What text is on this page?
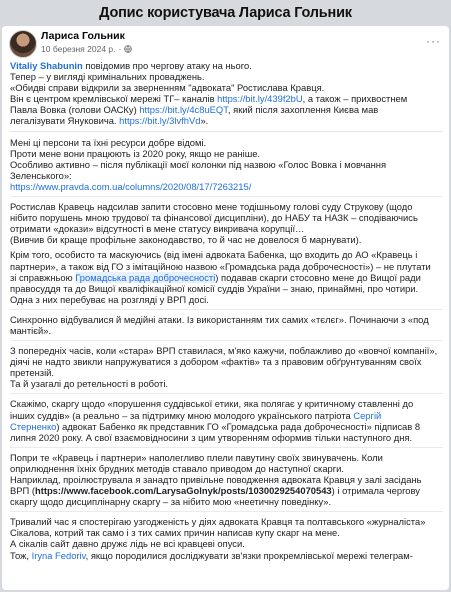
Допис користувача Лариса Гольник
Лариса Гольник
10 березня 2024 р. ·
···

Vitaliy Shabunin повідомив про чергову атаку на нього.
Тепер – у вигляді кримінальних проваджень.
«Обидві справи відкрили за зверненням "адвоката" Ростислава Кравця.
Він є центром кремлівської мережі ТГ– каналів https://bit.ly/439f2bU, а також – прихвостнем
Павла Вовка (голови ОАСКу) https://bit.ly/4c8uEQT, який після захоплення Києва мав
легалізувати Януковича. https://bit.ly/3lvfhVd».

Мені ці персони та їхні ресурси добре відомі.
Проти мене вони працюють із 2020 року, якщо не раніше.
Особливо активно – після публікації моєї колонки під назвою «Голос Вовка і мовчання
Зеленського»:
https://www.pravda.com.ua/columns/2020/08/17/7263215/

Ростислав Кравець надсилав запити стосовно мене тодішньому голові суду Струкову (щодо
нібито порушень мною трудової та фінансової дисципліни), до НАБУ та НАЗК – сподіваючись
отримати «докази» відсутності в мене статусу викривача корупції…
(Вивчив би краще профільне законодавство, то й час не довелося б марнувати).

Крім того, особисто та маскуючись (від імені адвоката Бабенка, що входить до АО «Кравець і
партнери», а також від ГО з імітаційною назвою «Громадська рада доброчесності») – не плутати
зі справжньою Громадська рада доброчесності) подавав скарги стосовно мене до Вищої ради
правосуддя та до Вищої кваліфікаційної комісії суддів України – знаю, принаймні, про чотири.
Одна з них перебуває на розгляді у ВРП досі.

Синхронно відбувалися й медійні атаки. Із використанням тих самих «тєлєг». Починаючи з «под
мантієй».

З попередніх часів, коли «стара» ВРП ставилася, м'яко кажучи, поблажливо до «вовчої компанії»,
діячі не надто звикли напружуватися з добором «фактів» та з правовим обґрунтуванням своїх
претензій.
Та й узагалі до ретельності в роботі.

Скажімо, скаргу щодо «порушення суддівської етики, яка полягає у критичному ставленні до
інших суддів» (а реально – за підтримку мною молодого українського патріота Сергій
Стерненко) адвокат Бабенко як представник ГО «Громадська рада доброчесності» підписав 8
липня 2020 року. А свої взаємовідносини з цим утворенням оформив тільки наступного дня.

Попри те «Кравець і партнери» наполегливо плели павутину своїх звинувачень. Коли
оприлюднення їхніх брудних методів ставало приводом до наступної скарги.
Наприклад, проілюструвала я занадто привільне поводження адвоката Кравця у залі засідань
ВРП (https://www.facebook.com/LarysaGolnyk/posts/1030029254070543) і отримала чергову
скаргу щодо дисциплінарну скаргу – за нібито мою «неетичну поведінку».

Тривалий час я спостерігаю узгодженість у діях адвоката Кравця та полтавського «журналіста»
Сікалова, котрий так само і з тих самих причин написав купу скарг на мене.
А сікалів сайт давно дружє лідь не всі кравцеві опуси.
Тож, Iryna Fedoriv, якщо породилися досліджувати зв'язки прокремлівської мережі телеграм-
